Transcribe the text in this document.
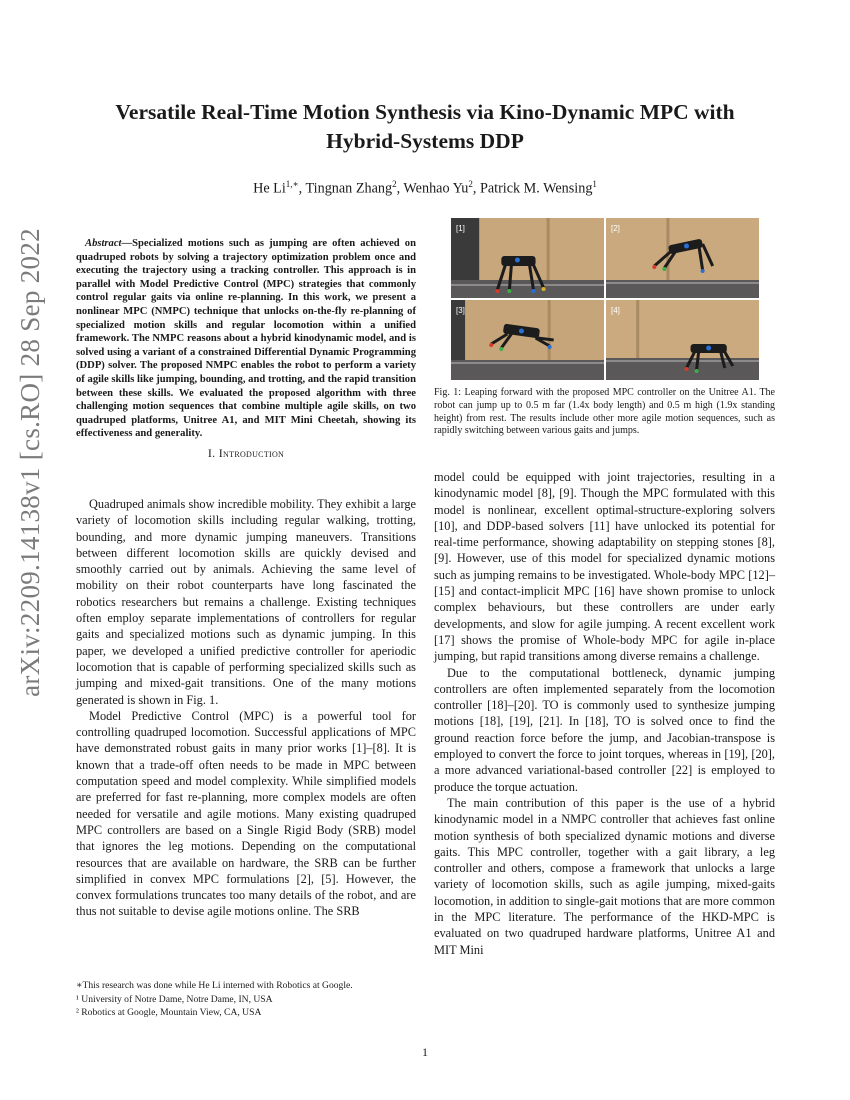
arXiv:2209.14138v1 [cs.RO] 28 Sep 2022
Versatile Real-Time Motion Synthesis via Kino-Dynamic MPC with
Hybrid-Systems DDP
He $Li^{1,∗}$, Tingnan Zhang$^2$, Wenhao Yu$^2$, Patrick M. Wensing$^1$

Abstract—Specialized motions such as jumping are often achieved on quadruped robots by solving a trajectory optimization problem once and executing the trajectory using a tracking controller. This approach is in parallel with Model Predictive Control (MPC) strategies that commonly control regular gaits via online re-planning. In this work, we present a nonlinear MPC (NMPC) technique that unlocks on-the-fly re-planning of specialized motion skills and regular locomotion within a unified framework. The NMPC reasons about a hybrid kinodynamic model, and is solved using a variant of a constrained Differential Dynamic Programming (DDP) solver. The proposed NMPC enables the robot to perform a variety of agile skills like jumping, bounding, and trotting, and the rapid transition between these skills. We evaluated the proposed algorithm with three challenging motion sequences that combine multiple agile skills, on two quadruped platforms, Unitree A1, and MIT Mini Cheetah, showing its effectiveness and generality.

I. Introduction

Quadruped animals show incredible mobility. They exhibit a large variety of locomotion skills including regular walking, trotting, bounding, and more dynamic jumping maneuvers. Transitions between different locomotion skills are quickly devised and smoothly carried out by animals. Achieving the same level of mobility on their robot counterparts have long fascinated the robotics researchers but remains a challenge. Existing techniques often employ separate implementations of controllers for regular gaits and specialized motions such as dynamic jumping. In this paper, we developed a unified predictive controller for aperiodic locomotion that is capable of performing specialized skills such as jumping and mixed-gait transitions. One of the many motions generated is shown in Fig. 1.

Model Predictive Control (MPC) is a powerful tool for controlling quadruped locomotion. Successful applications of MPC have demonstrated robust gaits in many prior works [1]–[8]. It is known that a trade-off often needs to be made in MPC between computation speed and model complexity. While simplified models are preferred for fast re-planning, more complex models are often needed for versatile and agile motions. Many existing quadruped MPC controllers are based on a Single Rigid Body (SRB) model that ignores the leg motions. Depending on the computational resources that are available on hardware, the SRB can be further simplified in convex MPC formulations [2], [5]. However, the convex formulations truncates too many details of the robot, and are thus not suitable to devise agile motions online. The SRB

[1]	[2]
[3]	[4]

Fig. 1: Leaping forward with the proposed MPC controller on the Unitree A1. The robot can jump up to 0.5 m far (1.4x body length) and 0.5 m high (1.9x standing height) from rest. The results include other more agile motion sequences, such as rapidly switching between various gaits and jumps.

model could be equipped with joint trajectories, resulting in a kinodynamic model [8], [9]. Though the MPC formulated with this model is nonlinear, excellent optimal-structure-exploring solvers [10], and DDP-based solvers [11] have unlocked its potential for real-time performance, showing adaptability on stepping stones [8], [9]. However, use of this model for specialized dynamic motions such as jumping remains to be investigated. Whole-body MPC [12]–[15] and contact-implicit MPC [16] have shown promise to unlock complex behaviours, but these controllers are under early developments, and slow for agile jumping. A recent excellent work [17] shows the promise of Whole-body MPC for agile in-place jumping, but rapid transitions among diverse remains a challenge.

Due to the computational bottleneck, dynamic jumping controllers are often implemented separately from the locomotion controller [18]–[20]. TO is commonly used to synthesize jumping motions [18], [19], [21]. In [18], TO is solved once to find the ground reaction force before the jump, and Jacobian-transpose is employed to convert the force to joint torques, whereas in [19], [20], a more advanced variational-based controller [22] is employed to produce the torque actuation.

The main contribution of this paper is the use of a hybrid kinodynamic model in a NMPC controller that achieves fast online motion synthesis of both specialized dynamic motions and diverse gaits. This MPC controller, together with a gait library, a leg controller and others, compose a framework that unlocks a large variety of locomotion skills, such as agile jumping, mixed-gaits locomotion, in addition to single-gait motions that are more common in the MPC literature. The performance of the HKD-MPC is evaluated on two quadruped hardware platforms, Unitree A1 and MIT Mini

∗This research was done while He Li interned with Robotics at Google.
¹ University of Notre Dame, Notre Dame, IN, USA
² Robotics at Google, Mountain View, CA, USA
1
